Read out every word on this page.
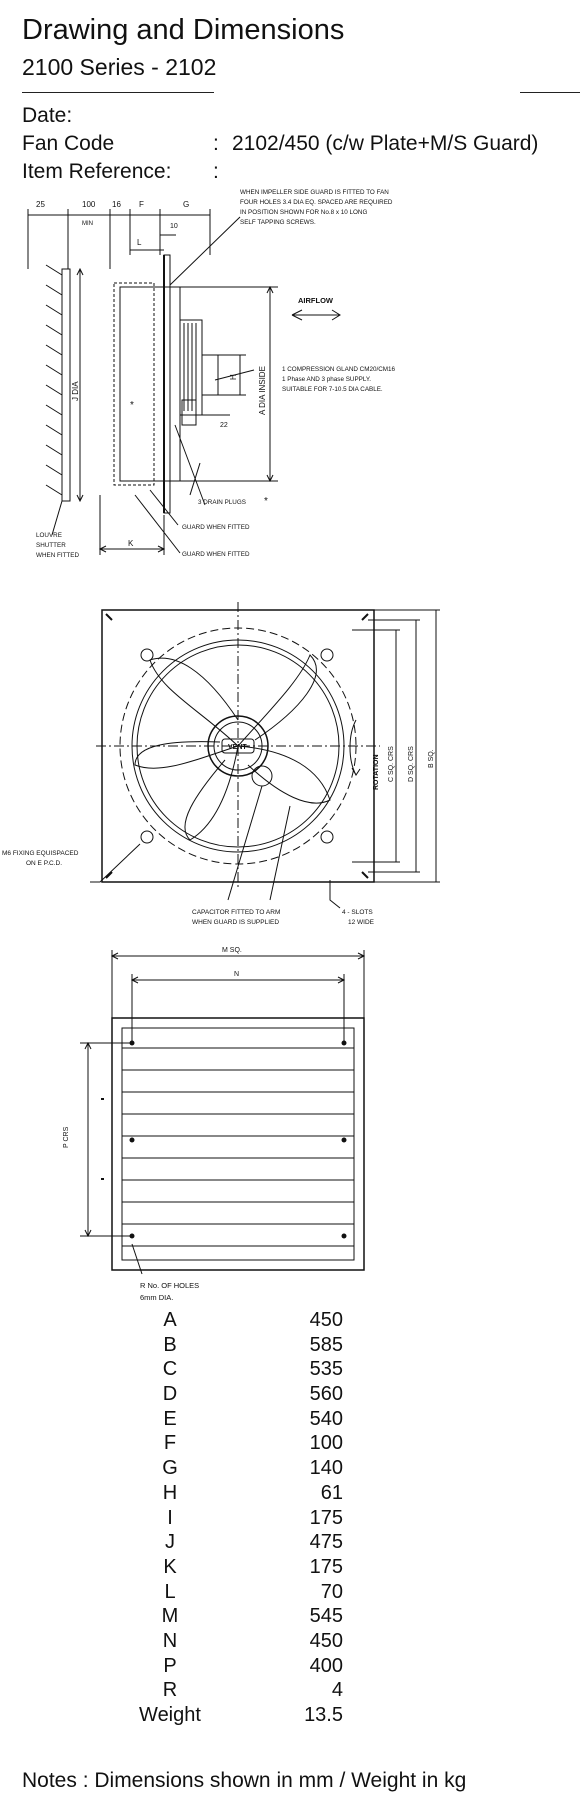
Drawing and Dimensions
2100 Series - 2102
Date:
Fan Code	: 2102/450 (c/w Plate+M/S Guard)
Item Reference: :
25	100
MIN
16 F	G
10
L
J DIA	A DIA INSIDE
H
22
K
*
WHEN IMPELLER SIDE GUARD IS FITTED TO FAN
FOUR HOLES 3.4 DIA EQ. SPACED ARE REQUIRED
IN POSITION SHOWN FOR No.8 x 10 LONG
SELF TAPPING SCREWS.
AIRFLOW
1 COMPRESSION GLAND CM20/CM16
1 Phase AND 3 phase SUPPLY.
SUITABLE FOR 7-10.5 DIA CABLE.
3 DRAIN PLUGS *
GUARD WHEN FITTED
GUARD WHEN FITTED
LOUVRE
SHUTTER
WHEN FITTED
ROTATION C SQ. CRS D SQ. CRS B SQ.
VENT
M6 FIXING EQUISPACED
ON E P.C.D.
CAPACITOR FITTED TO ARM
WHEN GUARD IS SUPPLIED
4 - SLOTS
12 WIDE
M SQ.
N
P CRS
R No. OF HOLES
6mm DIA.
A	450
B	585
C	535
D	560
E	540
F	100
G	140
H	61
I	175
J	475
K	175
L	70
M	545
N	450
P	400
R	4
Weight	13.5
Notes : Dimensions shown in mm / Weight in kg
